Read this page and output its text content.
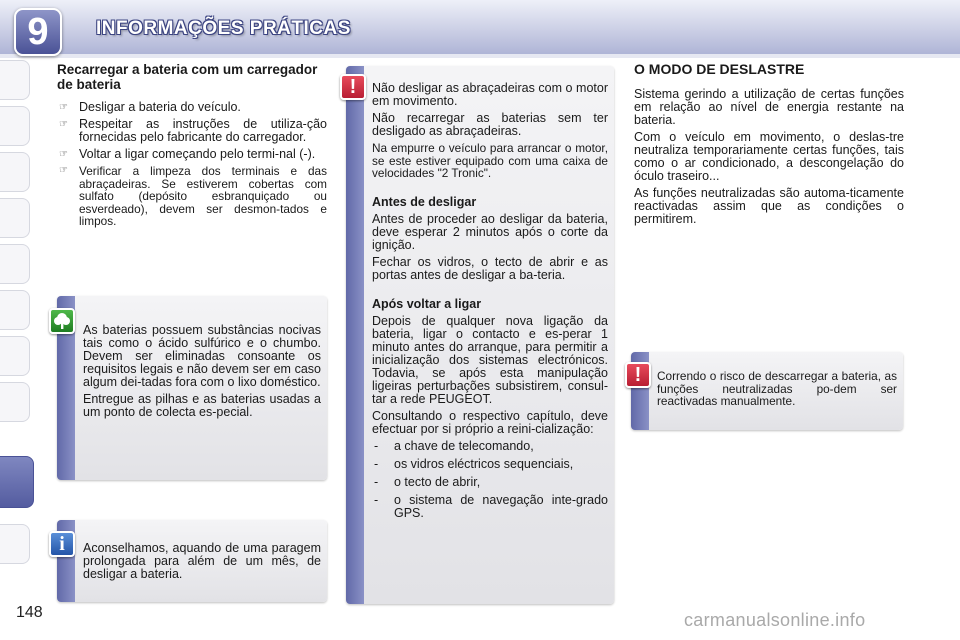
9	INFORMAÇÕES PRÁTICAS
Recarregar a bateria com um carregador de bateria
☞ Desligar a bateria do veículo.
☞ Respeitar as instruções de utiliza-ção fornecidas pelo fabricante do carregador.
☞ Voltar a ligar começando pelo termi-nal (-).
☞ Verificar a limpeza dos terminais e das abraçadeiras. Se estiverem cobertas com sulfato (depósito esbranquiçado ou esverdeado), devem ser desmon-tados e limpos.

As baterias possuem substâncias nocivas tais como o ácido sulfúrico e o chumbo. Devem ser eliminadas consoante os requisitos legais e não devem ser em caso algum dei-tadas fora com o lixo doméstico.

Entregue as pilhas e as baterias usadas a um ponto de colecta es-pecial.

Aconselhamos, aquando de uma paragem prolongada para além de um mês, de desligar a bateria.

i

Não desligar as abraçadeiras com o motor em movimento.

Não recarregar as baterias sem ter desligado as abraçadeiras.

Na empurre o veículo para arrancar o motor, se este estiver equipado com uma caixa de velocidades "2 Tronic".

Antes de desligar

Antes de proceder ao desligar da bateria, deve esperar 2 minutos após o corte da ignição.

Fechar os vidros, o tecto de abrir e as portas antes de desligar a ba-teria.

Após voltar a ligar

Depois de qualquer nova ligação da bateria, ligar o contacto e es-perar 1 minuto antes do arranque, para permitir a inicialização dos sistemas electrónicos. Todavia, se após esta manipulação ligeiras perturbações subsistirem, consul-tar a rede PEUGEOT.

Consultando o respectivo capítulo, deve efectuar por si próprio a reini-cialização:

- a chave de telecomando,
- os vidros eléctricos sequenciais,
- o tecto de abrir,
- o sistema de navegação inte-grado GPS.
!
O MODO DE DESLASTRE

Sistema gerindo a utilização de certas funções em relação ao nível de energia restante na bateria.

Com o veículo em movimento, o deslas-tre neutraliza temporariamente certas funções, tais como o ar condicionado, a descongelação do óculo traseiro...

As funções neutralizadas são automa-ticamente reactivadas assim que as condições o permitirem.

Correndo o risco de descarregar a bateria, as funções neutralizadas po-dem ser reactivadas manualmente.

!
148	carmanualsonline.info
